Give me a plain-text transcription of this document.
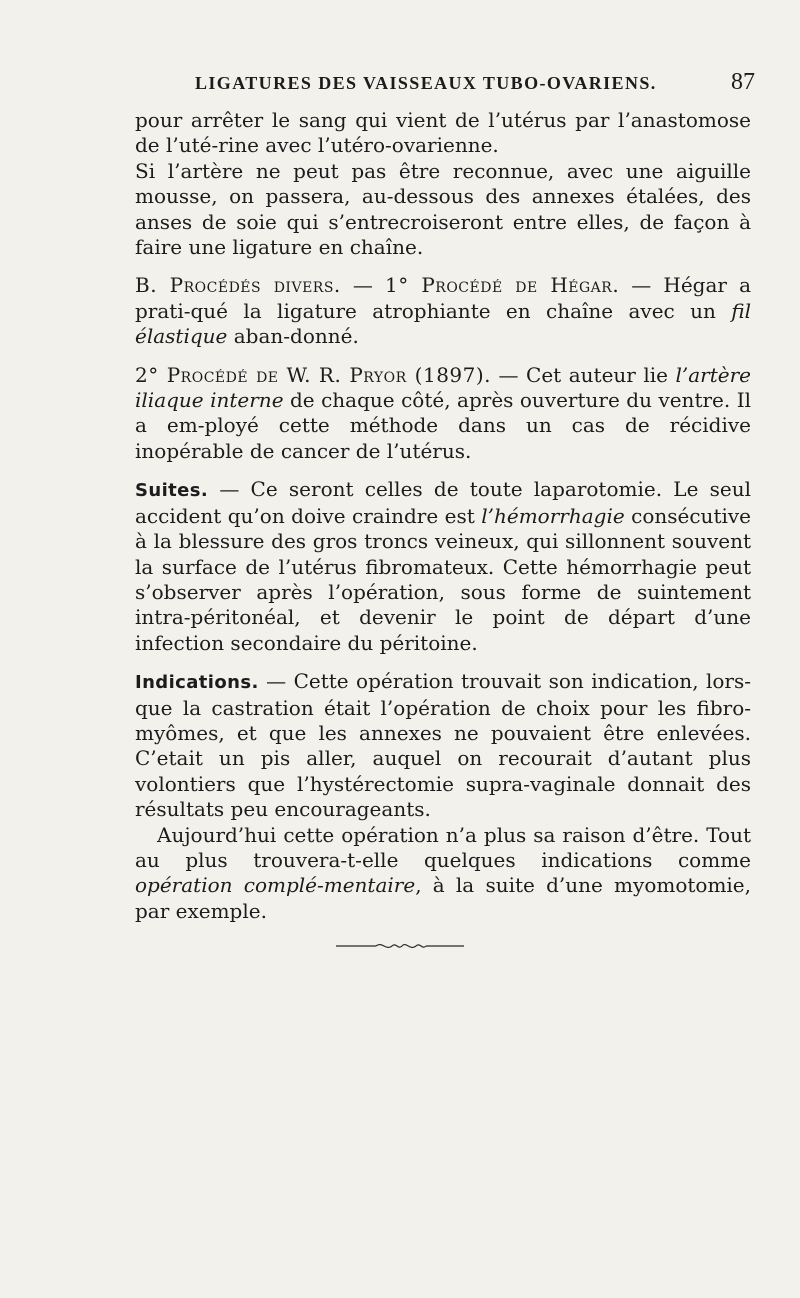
LIGATURES DES VAISSEAUX TUBO-OVARIENS.	87

pour arrêter le sang qui vient de l’utérus par l’anastomose de l’uté-rine avec l’utéro-ovarienne.

Si l’artère ne peut pas être reconnue, avec une aiguille mousse, on passera, au-dessous des annexes étalées, des anses de soie qui s’entrecroiseront entre elles, de façon à faire une ligature en chaîne.

B. Procédés divers. — 1° Procédé de Hégar. — Hégar a prati-qué la ligature atrophiante en chaîne avec un fil élastique aban-donné.

2° Procédé de W. R. Pryor (1897). — Cet auteur lie l’artère iliaque interne de chaque côté, après ouverture du ventre. Il a em-ployé cette méthode dans un cas de récidive inopérable de cancer de l’utérus.

Suites. — Ce seront celles de toute laparotomie. Le seul accident qu’on doive craindre est l’hémorrhagie consécutive à la blessure des gros troncs veineux, qui sillonnent souvent la surface de l’utérus fibromateux. Cette hémorrhagie peut s’observer après l’opération, sous forme de suintement intra-péritonéal, et devenir le point de départ d’une infection secondaire du péritoine.

Indications. — Cette opération trouvait son indication, lors-que la castration était l’opération de choix pour les fibro-myômes, et que les annexes ne pouvaient être enlevées. C’etait un pis aller, auquel on recourait d’autant plus volontiers que l’hystérectomie supra-vaginale donnait des résultats peu encourageants.

Aujourd’hui cette opération n’a plus sa raison d’être. Tout au plus trouvera-t-elle quelques indications comme opération complé-mentaire, à la suite d’une myomotomie, par exemple.
